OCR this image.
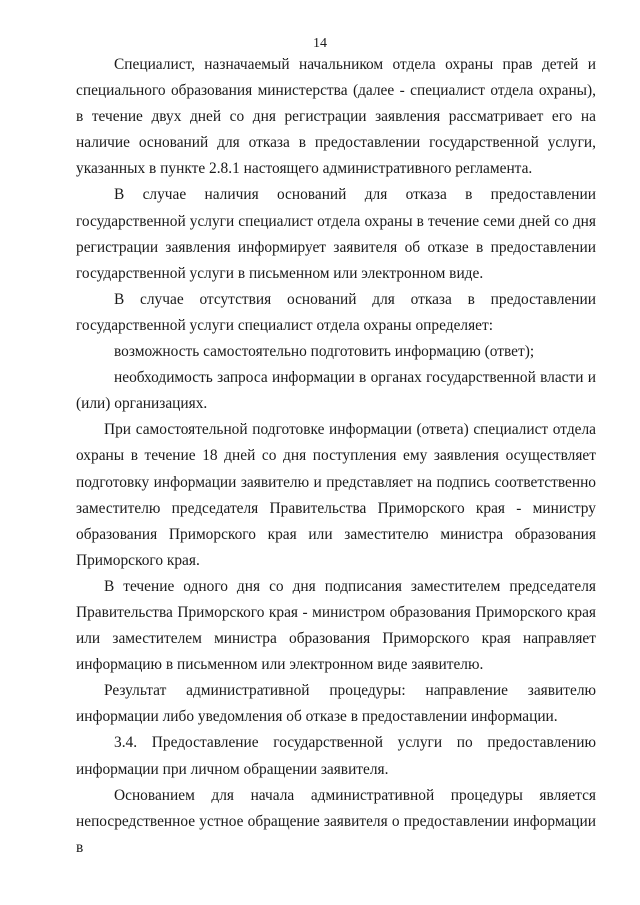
14

Специалист, назначаемый начальником отдела охраны прав детей и специального образования министерства (далее - специалист отдела охраны), в течение двух дней со дня регистрации заявления рассматривает его на наличие оснований для отказа в предоставлении государственной услуги, указанных в пункте 2.8.1 настоящего административного регламента.

В случае наличия оснований для отказа в предоставлении государственной услуги специалист отдела охраны в течение семи дней со дня регистрации заявления информирует заявителя об отказе в предоставлении государственной услуги в письменном или электронном виде.

В случае отсутствия оснований для отказа в предоставлении государственной услуги специалист отдела охраны определяет:

возможность самостоятельно подготовить информацию (ответ);

необходимость запроса информации в органах государственной власти и (или) организациях.

При самостоятельной подготовке информации (ответа) специалист отдела охраны в течение 18 дней со дня поступления ему заявления осуществляет подготовку информации заявителю и представляет на подпись соответственно заместителю председателя Правительства Приморского края - министру образования Приморского края или заместителю министра образования Приморского края.

В течение одного дня со дня подписания заместителем председателя Правительства Приморского края - министром образования Приморского края или заместителем министра образования Приморского края направляет информацию в письменном или электронном виде заявителю.

Результат административной процедуры: направление заявителю информации либо уведомления об отказе в предоставлении информации.

3.4. Предоставление государственной услуги по предоставлению информации при личном обращении заявителя.

Основанием для начала административной процедуры является непосредственное устное обращение заявителя о предоставлении информации в
